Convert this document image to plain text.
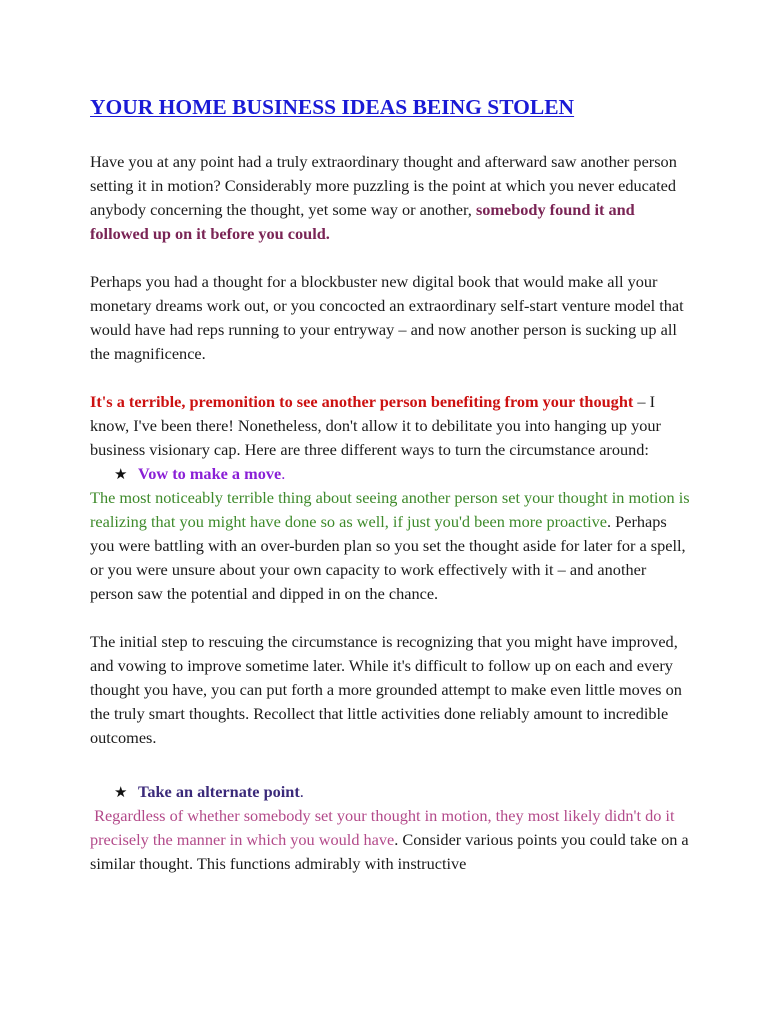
YOUR HOME BUSINESS IDEAS BEING STOLEN

Have you at any point had a truly extraordinary thought and afterward saw another person setting it in motion? Considerably more puzzling is the point at which you never educated anybody concerning the thought, yet some way or another, somebody found it and followed up on it before you could.

Perhaps you had a thought for a blockbuster new digital book that would make all your monetary dreams work out, or you concocted an extraordinary self-start venture model that would have had reps running to your entryway – and now another person is sucking up all the magnificence.

It's a terrible, premonition to see another person benefiting from your thought – I know, I've been there! Nonetheless, don't allow it to debilitate you into hanging up your business visionary cap. Here are three different ways to turn the circumstance around:

★ Vow to make a move.

The most noticeably terrible thing about seeing another person set your thought in motion is realizing that you might have done so as well, if just you'd been more proactive. Perhaps you were battling with an over-burden plan so you set the thought aside for later for a spell, or you were unsure about your own capacity to work effectively with it – and another person saw the potential and dipped in on the chance.

The initial step to rescuing the circumstance is recognizing that you might have improved, and vowing to improve sometime later. While it's difficult to follow up on each and every thought you have, you can put forth a more grounded attempt to make even little moves on the truly smart thoughts. Recollect that little activities done reliably amount to incredible outcomes.

★ Take an alternate point.

Regardless of whether somebody set your thought in motion, they most likely didn't do it precisely the manner in which you would have. Consider various points you could take on a similar thought. This functions admirably with instructive
